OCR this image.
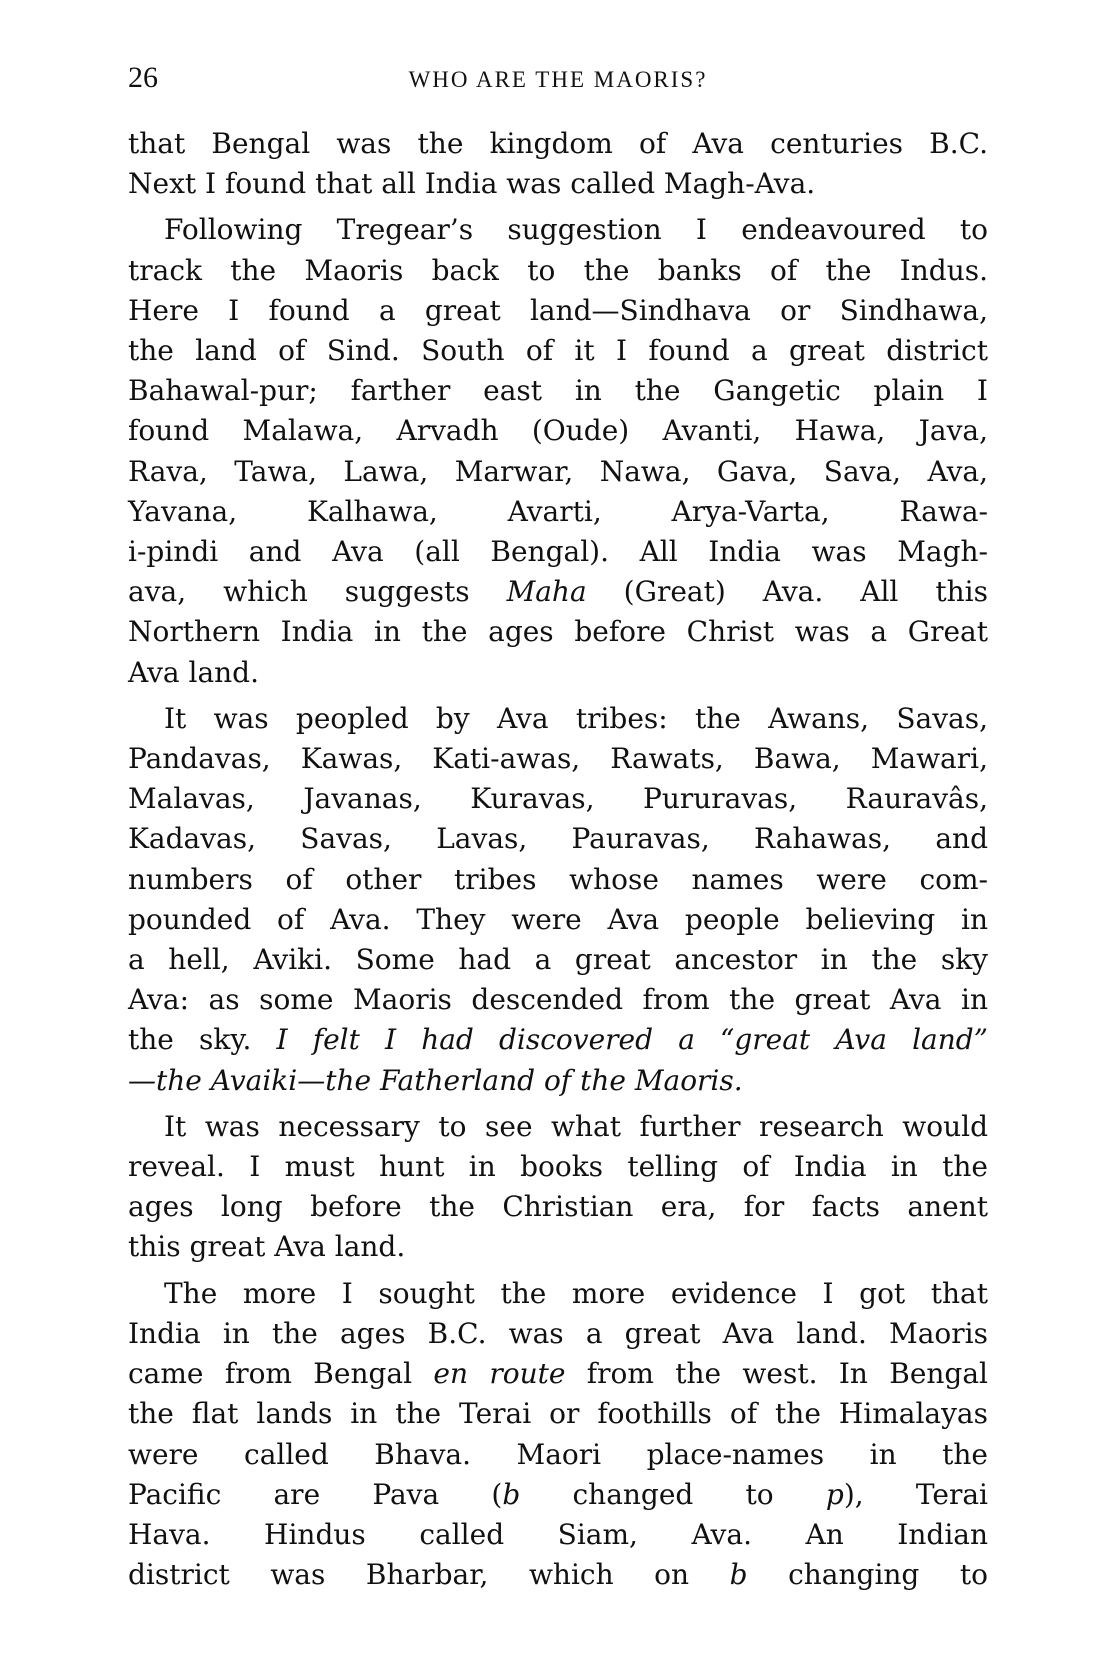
26	WHO ARE THE MAORIS?
that Bengal was the kingdom of Ava centuries B.C.
Next I found that all India was called Magh-Ava.
Following Tregear’s suggestion I endeavoured to
track the Maoris back to the banks of the Indus.
Here I found a great land—Sindhava or Sindhawa,
the land of Sind. South of it I found a great district
Bahawal-pur; farther east in the Gangetic plain I
found Malawa, Arvadh (Oude) Avanti, Hawa, Java,
Rava, Tawa, Lawa, Marwar, Nawa, Gava, Sava, Ava,
Yavana, Kalhawa, Avarti, Arya-Varta, Rawa-
i-pindi and Ava (all Bengal). All India was Magh-
ava, which suggests Maha (Great) Ava. All this
Northern India in the ages before Christ was a Great
Ava land.
It was peopled by Ava tribes: the Awans, Savas,
Pandavas, Kawas, Kati-awas, Rawats, Bawa, Mawari,
Malavas, Javanas, Kuravas, Pururavas, Rauravâs,
Kadavas, Savas, Lavas, Pauravas, Rahawas, and
numbers of other tribes whose names were com-
pounded of Ava. They were Ava people believing in
a hell, Aviki. Some had a great ancestor in the sky
Ava: as some Maoris descended from the great Ava in
the sky. I felt I had discovered a “great Ava land”
—the Avaiki—the Fatherland of the Maoris.
It was necessary to see what further research would
reveal. I must hunt in books telling of India in the
ages long before the Christian era, for facts anent
this great Ava land.
The more I sought the more evidence I got that
India in the ages B.C. was a great Ava land. Maoris
came from Bengal en route from the west. In Bengal
the flat lands in the Terai or foothills of the Himalayas
were called Bhava. Maori place-names in the
Pacific are Pava (b changed to p), Terai
Hava. Hindus called Siam, Ava. An Indian
district was Bharbar, which on b changing to
